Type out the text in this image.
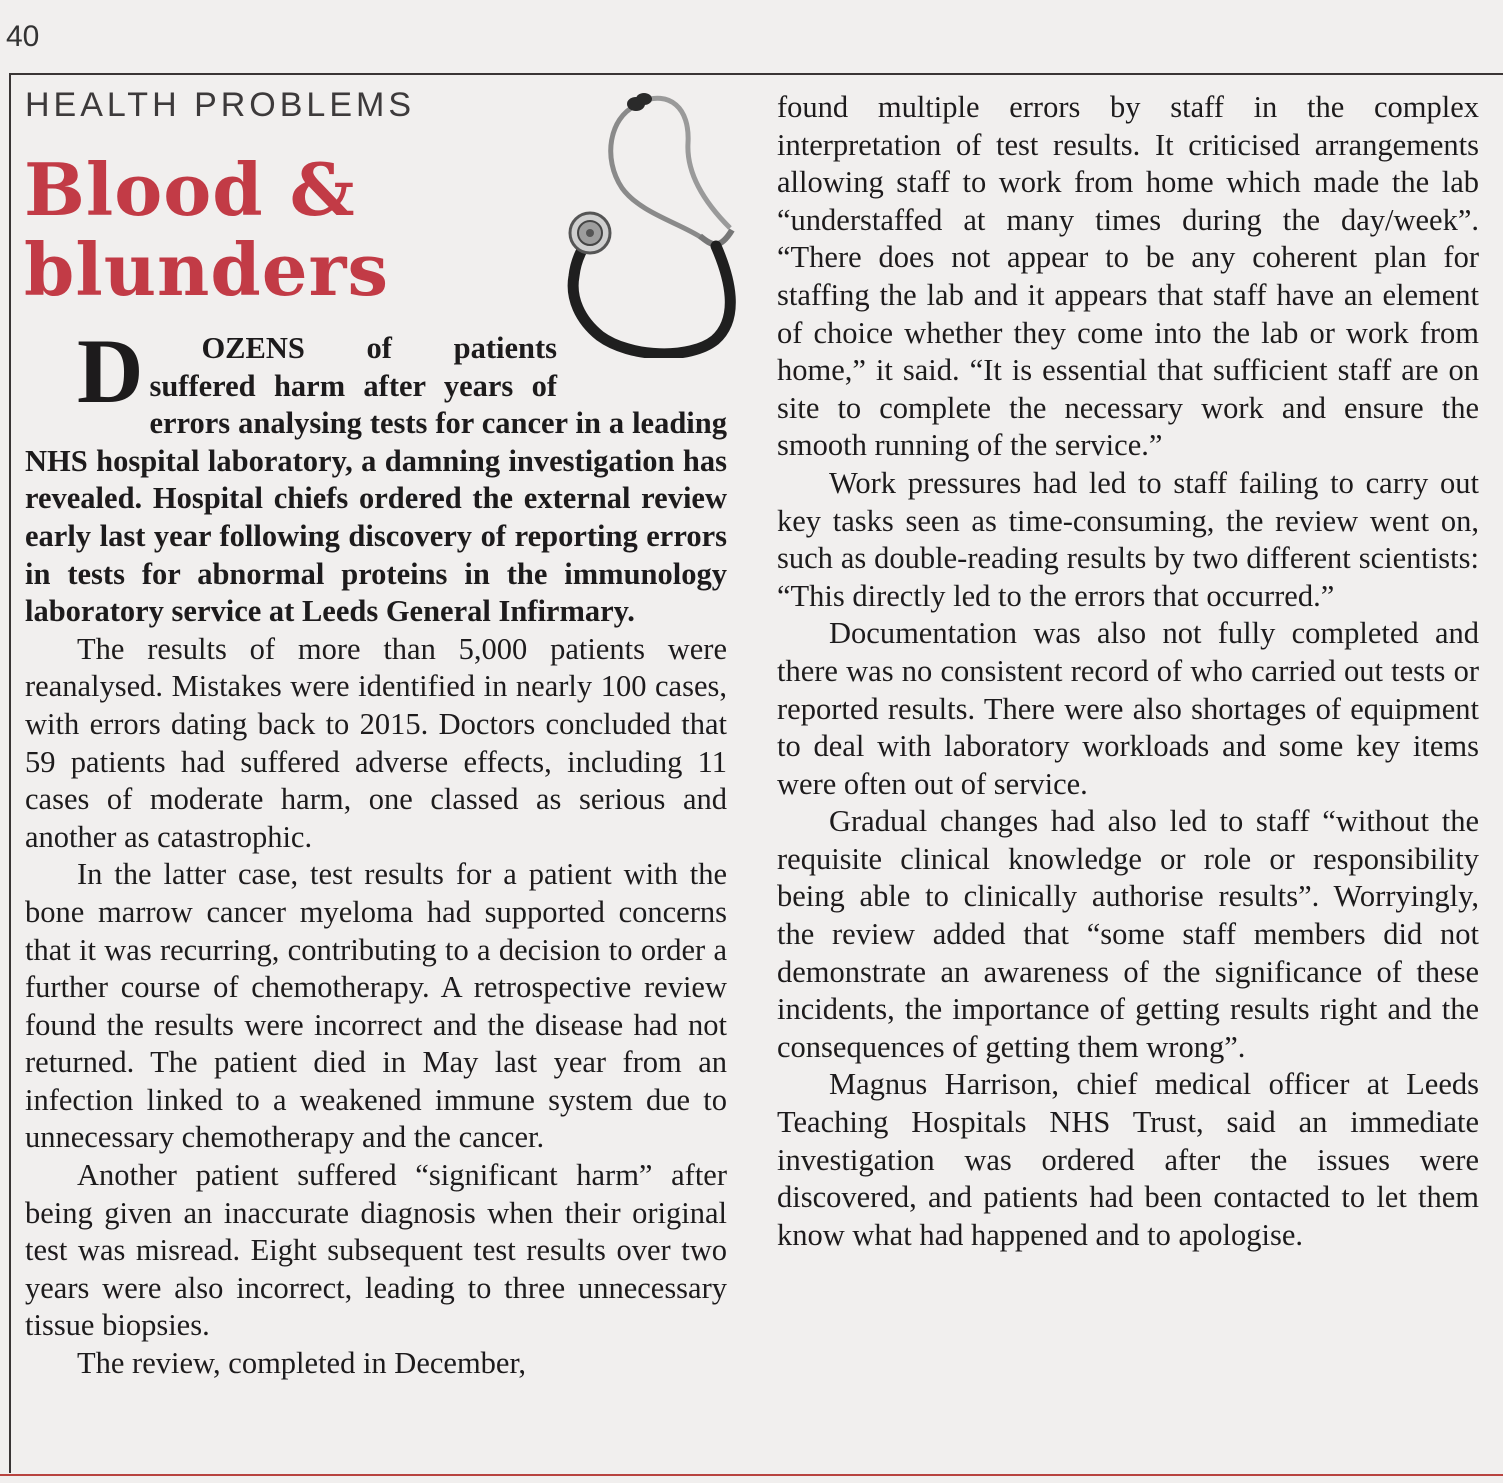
40
HEALTH PROBLEMS
Blood &
blunders

D OZENS of patients suffered harm after years of errors analysing tests for cancer in a leading NHS hospital laboratory, a damning investigation has revealed. Hospital chiefs ordered the external review early last year following discovery of reporting errors in tests for abnormal proteins in the immunology laboratory service at Leeds General Infirmary.

The results of more than 5,000 patients were reanalysed. Mistakes were identified in nearly 100 cases, with errors dating back to 2015. Doctors concluded that 59 patients had suffered adverse effects, including 11 cases of moderate harm, one classed as serious and another as catastrophic.

In the latter case, test results for a patient with the bone marrow cancer myeloma had supported concerns that it was recurring, contributing to a decision to order a further course of chemotherapy. A retrospective review found the results were incorrect and the disease had not returned. The patient died in May last year from an infection linked to a weakened immune system due to unnecessary chemotherapy and the cancer.

Another patient suffered “significant harm” after being given an inaccurate diagnosis when their original test was misread. Eight subsequent test results over two years were also incorrect, leading to three unnecessary tissue biopsies.

The review, completed in December,

found multiple errors by staff in the complex interpretation of test results. It criticised arrangements allowing staff to work from home which made the lab “understaffed at many times during the day/week”. “There does not appear to be any coherent plan for staffing the lab and it appears that staff have an element of choice whether they come into the lab or work from home,” it said. “It is essential that sufficient staff are on site to complete the necessary work and ensure the smooth running of the service.”

Work pressures had led to staff failing to carry out key tasks seen as time-consuming, the review went on, such as double-reading results by two different scientists: “This directly led to the errors that occurred.”

Documentation was also not fully completed and there was no consistent record of who carried out tests or reported results. There were also shortages of equipment to deal with laboratory workloads and some key items were often out of service.

Gradual changes had also led to staff “without the requisite clinical knowledge or role or responsibility being able to clinically authorise results”. Worryingly, the review added that “some staff members did not demonstrate an awareness of the significance of these incidents, the importance of getting results right and the consequences of getting them wrong”.

Magnus Harrison, chief medical officer at Leeds Teaching Hospitals NHS Trust, said an immediate investigation was ordered after the issues were discovered, and patients had been contacted to let them know what had happened and to apologise.
